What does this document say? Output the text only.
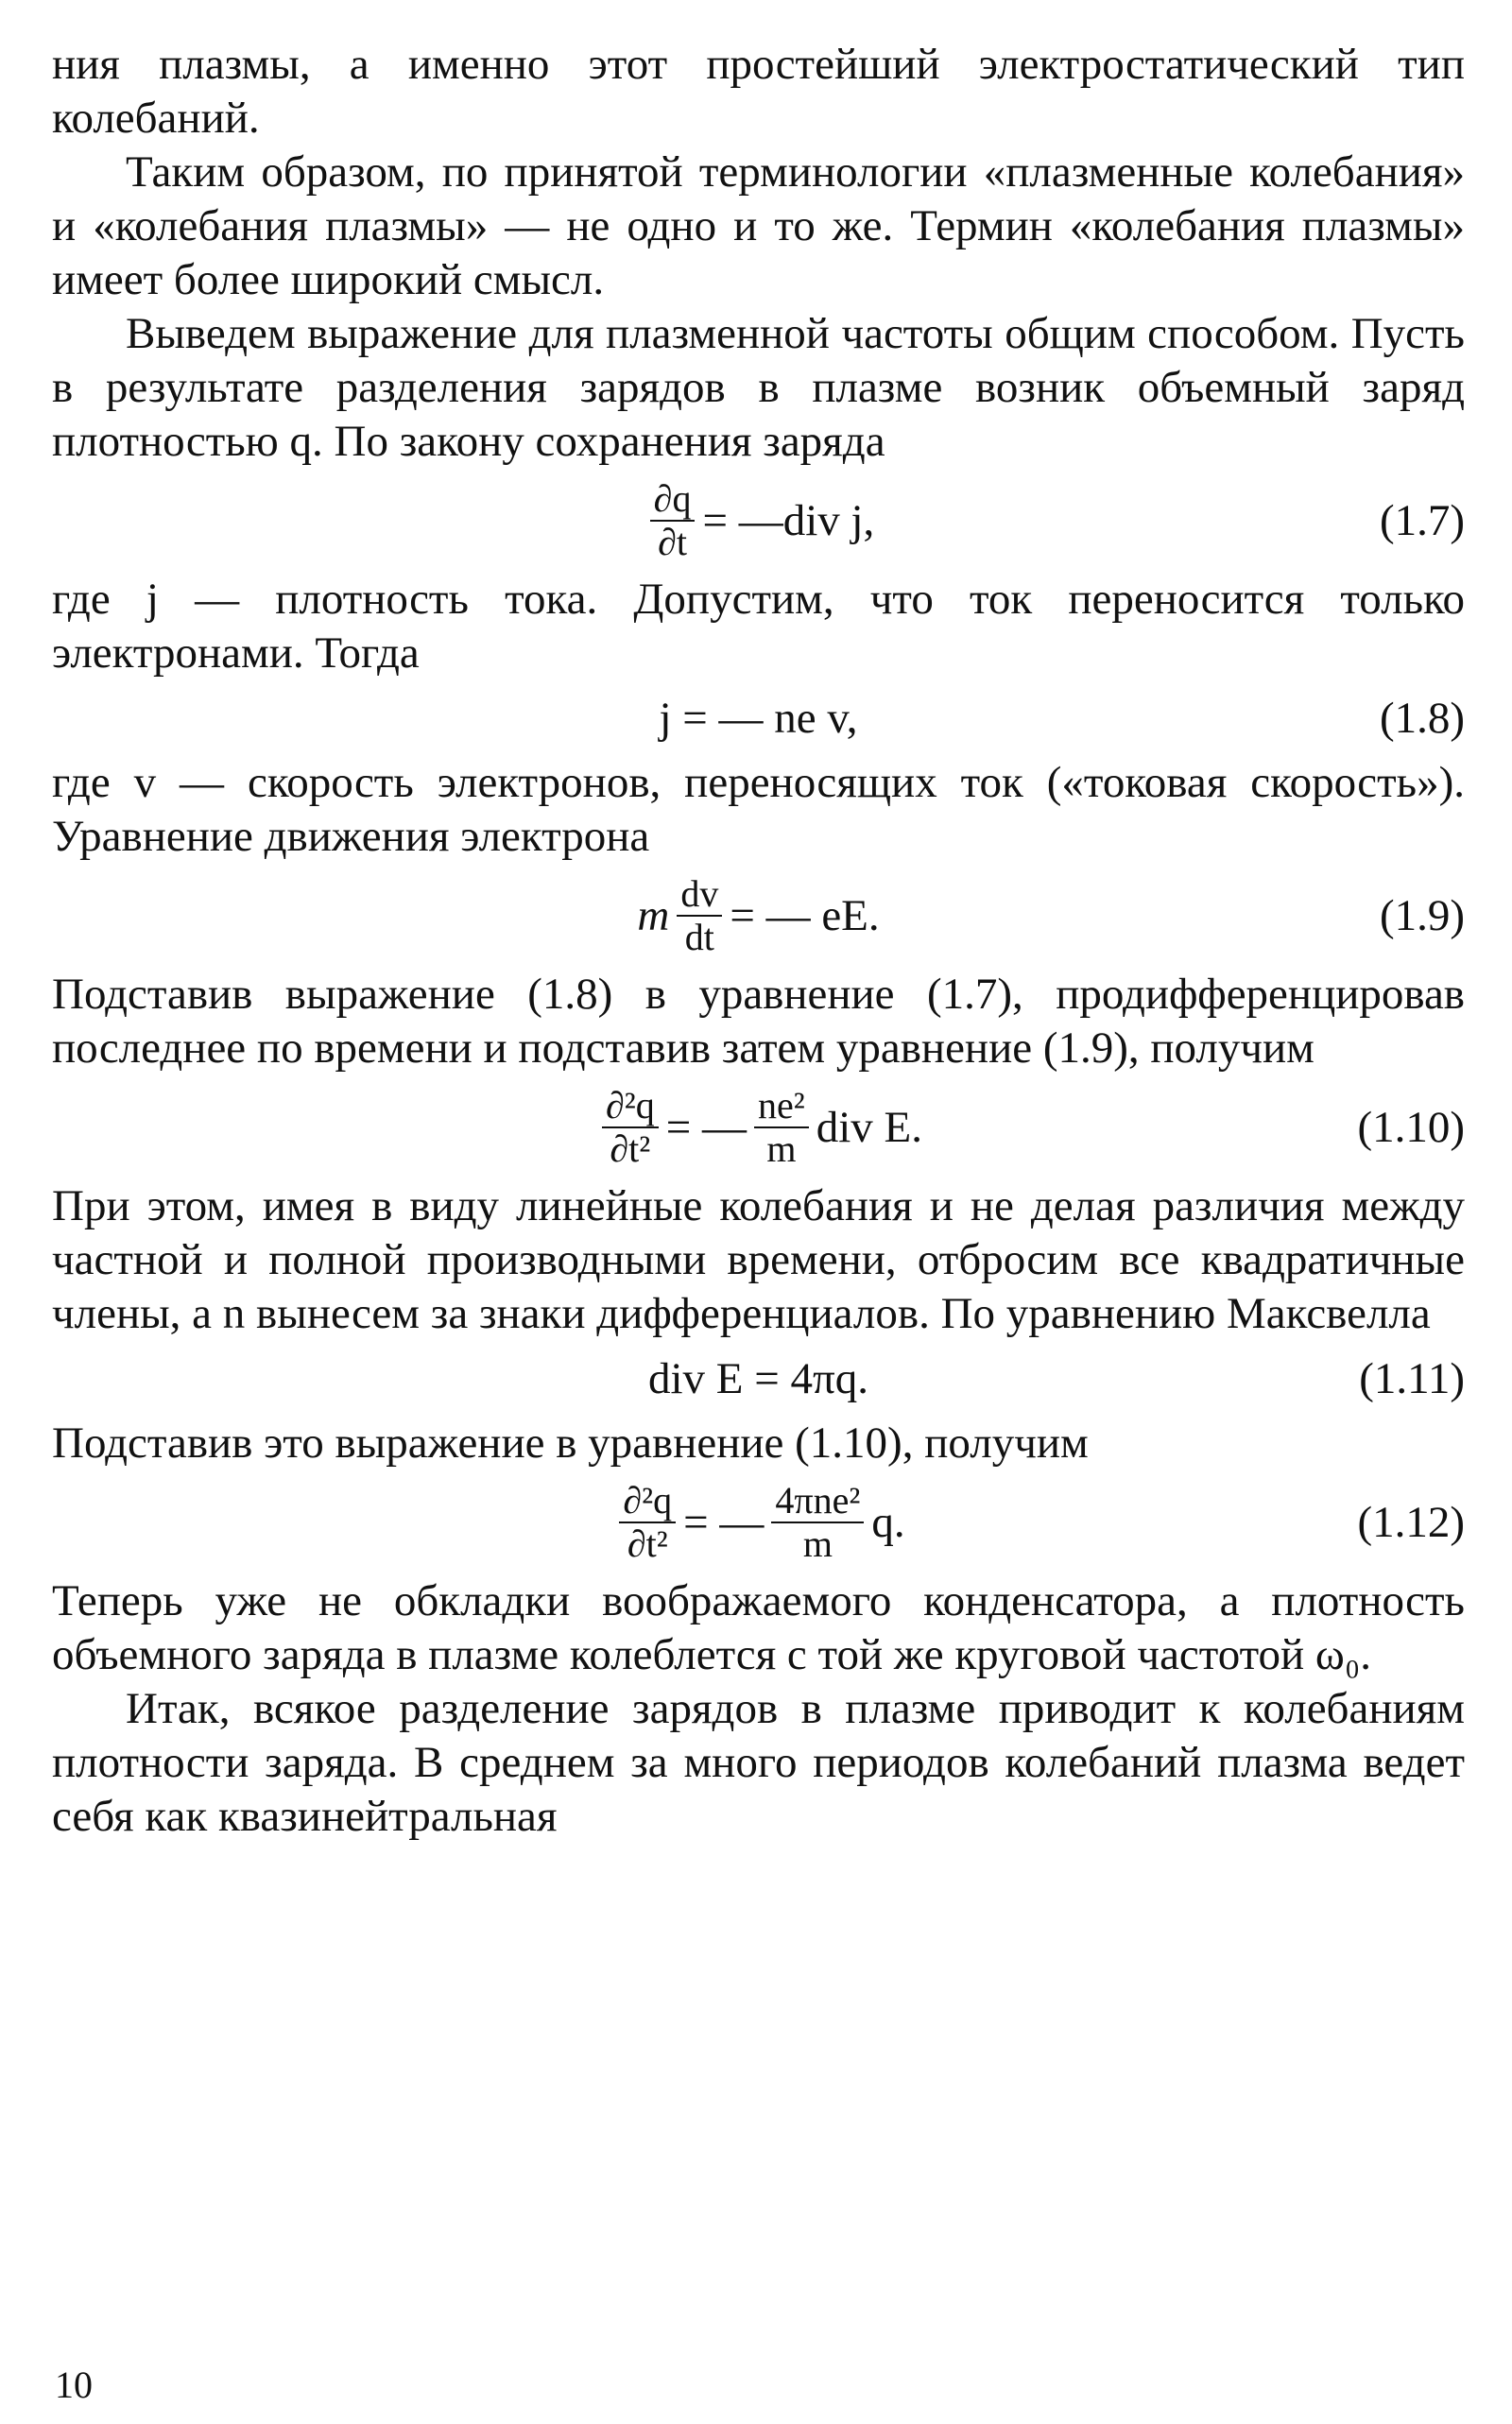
ния плазмы, а именно этот простейший электростатический тип колебаний.

Таким образом, по принятой терминологии «плазменные колебания» и «колебания плазмы» — не одно и то же. Термин «колебания плазмы» имеет более широкий смысл.

Выведем выражение для плазменной частоты общим способом. Пусть в результате разделения зарядов в плазме возник объемный заряд плотностью q. По закону сохранения заряда

$\frac{\partial q}{\partial t}$ = —div j,	(1.7)

где j — плотность тока. Допустим, что ток переносится только электронами. Тогда

j = — ne v,	(1.8)

где v — скорость электронов, переносящих ток («токовая скорость»). Уравнение движения электрона

m $\frac{dv}{dt}$ = — eE.	(1.9)

Подставив выражение (1.8) в уравнение (1.7), продифференцировав последнее по времени и подставив затем уравнение (1.9), получим

$\frac{\text{∂²q}}{\text{∂t²}}$ = — $\frac{\text{ne²}}{m}$ div E.	(1.10)

При этом, имея в виду линейные колебания и не делая различия между частной и полной производными времени, отбросим все квадратичные члены, а n вынесем за знаки дифференциалов. По уравнению Максвелла

div E = 4πq.	(1.11)

Подставив это выражение в уравнение (1.10), получим

$\frac{\text{∂²q}}{\text{∂t²}}$ = — $\frac{\text{4πne²}}{m} q$.	(1.12)

Теперь уже не обкладки воображаемого конденсатора, а плотность объемного заряда в плазме колеблется с той же круговой частотой ω₀.

Итак, всякое разделение зарядов в плазме приводит к колебаниям плотности заряда. В среднем за много периодов колебаний плазма ведет себя как квазинейтральная

10
